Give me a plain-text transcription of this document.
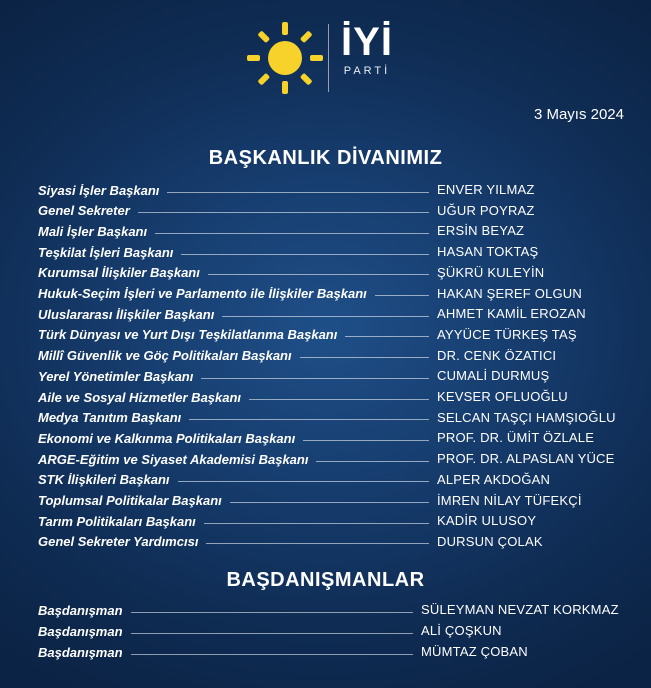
İYİ
PARTİ
3 Mayıs 2024
BAŞKANLIK DİVANIMIZ
Siyasi İşler Başkanı	ENVER YILMAZ
Genel Sekreter	UĞUR POYRAZ
Mali İşler Başkanı	ERSİN BEYAZ
Teşkilat İşleri Başkanı	HASAN TOKTAŞ
Kurumsal İlişkiler Başkanı	ŞÜKRÜ KULEYİN
Hukuk-Seçim İşleri ve Parlamento ile İlişkiler Başkanı	HAKAN ŞEREF OLGUN
Uluslararası İlişkiler Başkanı	AHMET KAMİL EROZAN
Türk Dünyası ve Yurt Dışı Teşkilatlanma Başkanı	AYYÜCE TÜRKEŞ TAŞ
Millî Güvenlik ve Göç Politikaları Başkanı	DR. CENK ÖZATICI
Yerel Yönetimler Başkanı	CUMALİ DURMUŞ
Aile ve Sosyal Hizmetler Başkanı	KEVSER OFLUOĞLU
Medya Tanıtım Başkanı	SELCAN TAŞÇI HAMŞIOĞLU
Ekonomi ve Kalkınma Politikaları Başkanı	PROF. DR. ÜMİT ÖZLALE
ARGE-Eğitim ve Siyaset Akademisi Başkanı	PROF. DR. ALPASLAN YÜCE
STK İlişkileri Başkanı	ALPER AKDOĞAN
Toplumsal Politikalar Başkanı	İMREN NİLAY TÜFEKÇİ
Tarım Politikaları Başkanı	KADİR ULUSOY
Genel Sekreter Yardımcısı	DURSUN ÇOLAK
BAŞDANIŞMANLAR
Başdanışman	SÜLEYMAN NEVZAT KORKMAZ
Başdanışman	ALİ ÇOŞKUN
Başdanışman	MÜMTAZ ÇOBAN
